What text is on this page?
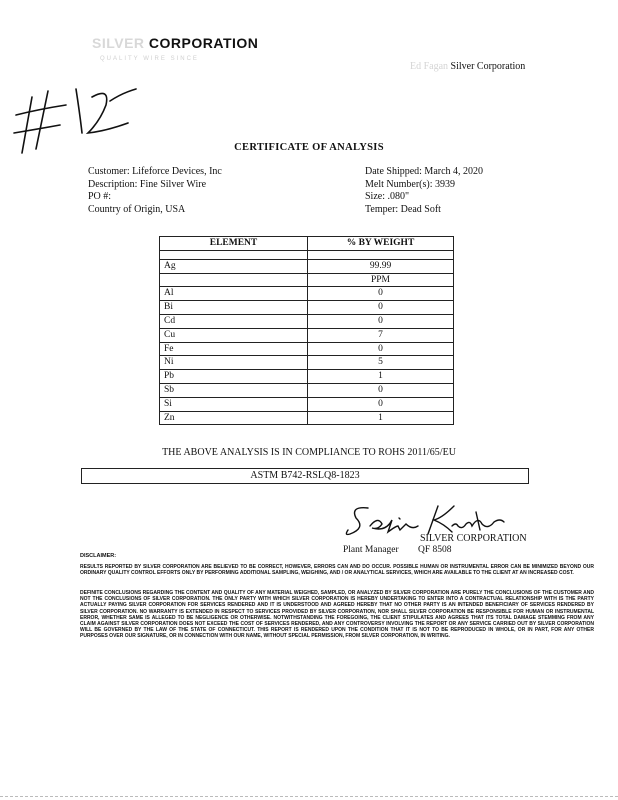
SILVER CORPORATION
QUALITY WIRE SINCE
Ed Fagan Silver Corporation
CERTIFICATE OF ANALYSIS
Customer: Lifeforce Devices, Inc
Description: Fine Silver Wire
PO #:
Country of Origin, USA
Date Shipped: March 4, 2020
Melt Number(s): 3939
Size: .080"
Temper: Dead Soft
ELEMENT	% BY WEIGHT

Ag	99.99
	PPM
Al	0
Bi	0
Cd	0
Cu	7
Fe	0
Ni	5
Pb	1
Sb	0
Si	0
Zn	1
THE ABOVE ANALYSIS IS IN COMPLIANCE TO ROHS 2011/65/EU
ASTM B742-RSLQ8-1823
SILVER CORPORATION
Plant Manager QF 8508
DISCLAIMER:
RESULTS REPORTED BY SILVER CORPORATION ARE BELIEVED TO BE CORRECT, HOWEVER, ERRORS CAN AND DO OCCUR. POSSIBLE HUMAN OR INSTRUMENTAL ERROR CAN BE MINIMIZED BEYOND OUR ORDINARY QUALITY CONTROL EFFORTS ONLY BY PERFORMING ADDITIONAL SAMPLING, WEIGHING, AND / OR ANALYTICAL SERVICES, WHICH ARE AVAILABLE TO THE CLIENT AT AN INCREASED COST.
DEFINITE CONCLUSIONS REGARDING THE CONTENT AND QUALITY OF ANY MATERIAL WEIGHED, SAMPLED, OR ANALYZED BY SILVER CORPORATION ARE PURELY THE CONCLUSIONS OF THE CUSTOMER AND NOT THE CONCLUSIONS OF SILVER CORPORATION. THE ONLY PARTY WITH WHICH SILVER CORPORATION IS HEREBY UNDERTAKING TO ENTER INTO A CONTRACTUAL RELATIONSHIP WITH IS THE PARTY ACTUALLY PAYING SILVER CORPORATION FOR SERVICES RENDERED AND IT IS UNDERSTOOD AND AGREED HEREBY THAT NO OTHER PARTY IS AN INTENDED BENEFICIARY OF SERVICES RENDERED BY SILVER CORPORATION. NO WARRANTY IS EXTENDED IN RESPECT TO SERVICES PROVIDED BY SILVER CORPORATION, NOR SHALL SILVER CORPORATION BE RESPONSIBLE FOR HUMAN OR INSTRUMENTAL ERROR, WHETHER SAME IS ALLEGED TO BE NEGLIGENCE OR OTHERWISE. NOTWITHSTANDING THE FOREGOING, THE CLIENT STIPULATES AND AGREES THAT ITS TOTAL DAMAGE STEMMING FROM ANY CLAIM AGAINST SILVER CORPORATION DOES NOT EXCEED THE COST OF SERVICES RENDERED, AND ANY CONTROVERSY INVOLVING THE REPORT OR ANY SERVICE CARRIED OUT BY SILVER CORPORATION WILL BE GOVERNED BY THE LAW OF THE STATE OF CONNECTICUT. THIS REPORT IS RENDERED UPON THE CONDITION THAT IT IS NOT TO BE REPRODUCED IN WHOLE, OR IN PART, FOR ANY OTHER PURPOSES OVER OUR SIGNATURE, OR IN CONNECTION WITH OUR NAME, WITHOUT SPECIAL PERMISSION, FROM SILVER CORPORATION, IN WRITING.
